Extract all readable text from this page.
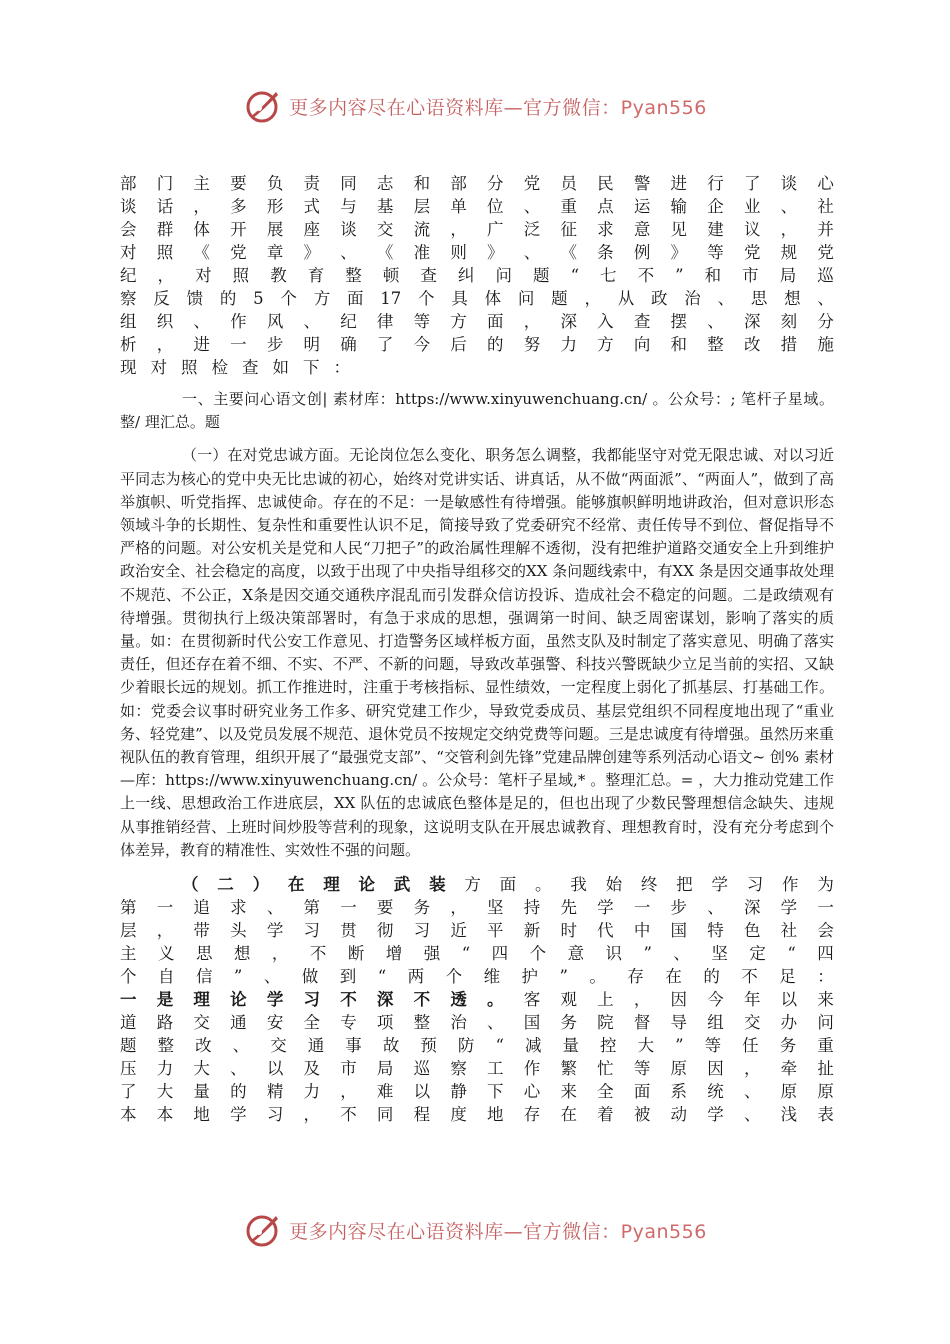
更多内容尽在心语资料库—官方微信：Pyan556
部 门 主 要 负 责 同 志 和 部 分 党 员 民 警 进 行 了 谈 心
谈 话 ， 多 形 式 与 基 层 单 位 、 重 点 运 输 企 业 、 社
会 群 体 开 展 座 谈 交 流 ， 广 泛 征 求 意 见 建 议 ， 并
对 照 《 党 章 》 、 《 准 则 》 、 《 条 例 》 等 党 规 党
纪 ， 对 照 教 育 整 顿 查 纠 问 题 “ 七 不 ” 和 市 局 巡
察 反 馈 的 5 个 方 面 17 个 具 体 问 题 ， 从 政 治 、 思 想 、
组 织 、 作 风 、 纪 律 等 方 面 ， 深 入 查 摆 、 深 刻 分
析 ， 进 一 步 明 确 了 今 后 的 努 力 方 向 和 整 改 措 施
现 对 照 检 查 如 下 ：

一、主要问心语文创| 素材库：https://www.xinyuwenchuang.cn/ 。公众号：; 笔杆子星域。整/ 理汇总。题

（一）在对党忠诚方面。无论岗位怎么变化、职务怎么调整，我都能坚守对党无限忠诚、对以习近平同志为核心的党中央无比忠诚的初心，始终对党讲实话、讲真话，从不做“两面派”、“两面人”，做到了高举旗帜、听党指挥、忠诚使命。存在的不足：一是敏感性有待增强。能够旗帜鲜明地讲政治，但对意识形态领域斗争的长期性、复杂性和重要性认识不足，简接导致了党委研究不经常、责任传导不到位、督促指导不严格的问题。对公安机关是党和人民“刀把子”的政治属性理解不透彻，没有把维护道路交通安全上升到维护政治安全、社会稳定的高度，以致于出现了中央指导组移交的XX 条问题线索中，有XX 条是因交通事故处理不规范、不公正，X条是因交通交通秩序混乱而引发群众信访投诉、造成社会不稳定的问题。二是政绩观有待增强。贯彻执行上级决策部署时，有急于求成的思想，强调第一时间、缺乏周密谋划，影响了落实的质量。如：在贯彻新时代公安工作意见、打造警务区域样板方面，虽然支队及时制定了落实意见、明确了落实责任，但还存在着不细、不实、不严、不新的问题，导致改革强警、科技兴警既缺少立足当前的实招、又缺少着眼长远的规划。抓工作推进时，注重于考核指标、显性绩效，一定程度上弱化了抓基层、打基础工作。如：党委会议事时研究业务工作多、研究党建工作少，导致党委成员、基层党组织不同程度地出现了“重业务、轻党建”、以及党员发展不规范、退休党员不按规定交纳党费等问题。三是忠诚度有待增强。虽然历来重视队伍的教育管理，组织开展了“最强党支部”、“交管利剑先锋”党建品牌创建等系列活动心语文~ 创% 素材—库：https://www.xinyuwenchuang.cn/ 。公众号：笔杆子星域,* 。整理汇总。= ，大力推动党建工作上一线、思想政治工作进底层，XX 队伍的忠诚底色整体是足的，但也出现了少数民警理想信念缺失、违规从事推销经营、上班时间炒股等营利的现象，这说明支队在开展忠诚教育、理想教育时，没有充分考虑到个体差异，教育的精准性、实效性不强的问题。

（ 二 ） 在 理 论 武 装 方 面 。 我 始 终 把 学 习 作 为
第 一 追 求 、 第 一 要 务 ， 坚 持 先 学 一 步 、 深 学 一
层 ， 带 头 学 习 贯 彻 习 近 平 新 时 代 中 国 特 色 社 会
主 义 思 想 ， 不 断 增 强 “ 四 个 意 识 ” 、 坚 定 “ 四
个 自 信 ” 、 做 到 “ 两 个 维 护 ” 。 存 在 的 不 足 ：
一 是 理 论 学 习 不 深 不 透 。 客 观 上 ， 因 今 年 以 来
道 路 交 通 安 全 专 项 整 治 、 国 务 院 督 导 组 交 办 问
题 整 改 、 交 通 事 故 预 防 “ 减 量 控 大 ” 等 任 务 重
压 力 大 、 以 及 市 局 巡 察 工 作 繁 忙 等 原 因 ， 牵 扯
了 大 量 的 精 力 ， 难 以 静 下 心 来 全 面 系 统 、 原 原
本 本 地 学 习 ， 不 同 程 度 地 存 在 着 被 动 学 、 浅 表
更多内容尽在心语资料库—官方微信：Pyan556
